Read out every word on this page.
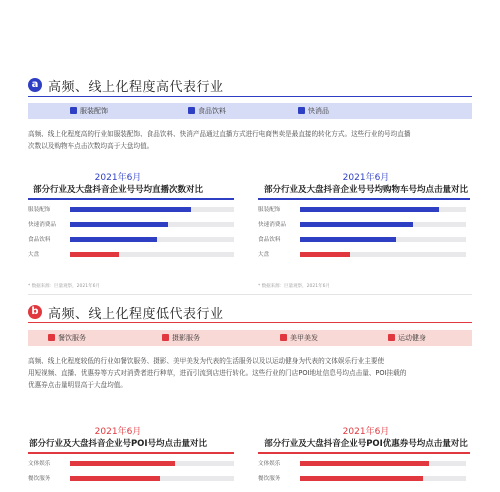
a 高频、线上化程度高代表行业
服装配饰	食品饮料	快消品
高频、线上化程度高的行业如服装配饰、食品饮料、快消产品通过直播方式进行电商售卖是最直接的转化方式。这些行业的号均直播
次数以及购物车点击次数均高于大盘均值。
2021年6月
部分行业及大盘抖音企业号号均直播次数对比
服装配饰
快速消费品
食品饮料
大盘
2021年6月
部分行业及大盘抖音企业号号均购物车号均点击量对比
服装配饰
快速消费品
食品饮料
大盘
* 数据来源：巨量观察，2021年6月	* 数据来源：巨量观察，2021年6月
b 高频、线上化程度低代表行业
餐饮服务	摄影服务	美甲美发	运动健身
高频、线上化程度较低的行业如餐饮服务、摄影、美甲美发为代表的生活服务以及以运动健身为代表的文体娱乐行业主要使
用短视频、直播、优惠券等方式对消费者进行种草，进而引流到店进行转化。这些行业的门店POI地址信息号均点击量、POI挂载的
优惠券点击量明显高于大盘均值。
2021年6月
部分行业及大盘抖音企业号POI号均点击量对比
文体娱乐
餐饮服务
2021年6月
部分行业及大盘抖音企业号POI优惠券号均点击量对比
文体娱乐
餐饮服务
